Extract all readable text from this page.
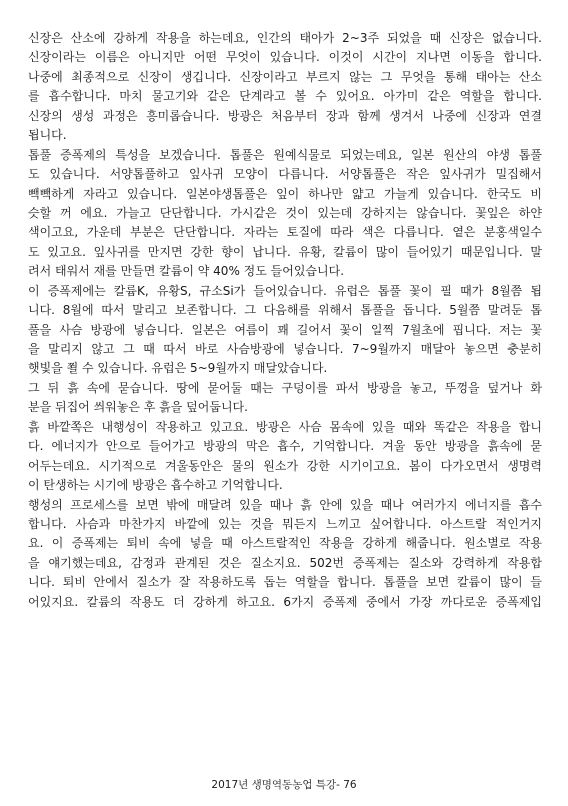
신장은 산소에 강하게 작용을 하는데요, 인간의 태아가 2~3주 되었을 때 신장은 없습니다.
신장이라는 이름은 아니지만 어떤 무엇이 있습니다. 이것이 시간이 지나면 이동을 합니다.
나중에 최종적으로 신장이 생깁니다. 신장이라고 부르지 않는 그 무엇을 통해 태아는 산소
를 흡수합니다. 마치 물고기와 같은 단계라고 볼 수 있어요. 아가미 같은 역할을 합니다.
신장의 생성 과정은 흥미롭습니다. 방광은 처음부터 장과 함께 생겨서 나중에 신장과 연결
됩니다.
톱풀 증폭제의 특성을 보겠습니다. 톱풀은 원예식물로 되었는데요, 일본 원산의 야생 톱풀
도 있습니다. 서양톱풀하고 잎사귀 모양이 다릅니다. 서양톱풀은 작은 잎사귀가 밀집해서
빽빽하게 자라고 있습니다. 일본야생톱풀은 잎이 하나만 얇고 가늘게 있습니다. 한국도 비
슷할 꺼 에요. 가늘고 단단합니다. 가시같은 것이 있는데 강하지는 않습니다. 꽃잎은 하얀
색이고요, 가운데 부분은 단단합니다. 자라는 토질에 따라 색은 다릅니다. 옅은 분홍색일수
도 있고요. 잎사귀를 만지면 강한 향이 납니다. 유황, 칼륨이 많이 들어있기 때문입니다. 말
려서 태워서 재를 만들면 칼륨이 약 40% 정도 들어있습니다.
이 증폭제에는 칼륨K, 유황S, 규소Si가 들어있습니다. 유럽은 톱풀 꽃이 필 때가 8월쯤 됩
니다. 8월에 따서 말리고 보존합니다. 그 다음해를 위해서 톱풀을 돕니다. 5월쯤 말려둔 톱
풀을 사슴 방광에 넣습니다. 일본은 여름이 꽤 길어서 꽃이 일찍 7월초에 핍니다. 저는 꽃
을 말리지 않고 그 때 따서 바로 사슴방광에 넣습니다. 7~9월까지 매달아 놓으면 충분히
햇빛을 쬘 수 있습니다. 유럽은 5~9월까지 매달았습니다.
그 뒤 흙 속에 묻습니다. 땅에 묻어둘 때는 구덩이를 파서 방광을 놓고, 뚜껑을 덮거나 화
분을 뒤집어 씌워놓은 후 흙을 덮어둡니다.
흙 바깥쪽은 내행성이 작용하고 있고요. 방광은 사슴 몸속에 있을 때와 똑같은 작용을 합니
다. 에너지가 안으로 들어가고 방광의 막은 흡수, 기억합니다. 겨울 동안 방광을 흙속에 묻
어두는데요. 시기적으로 겨울동안은 물의 원소가 강한 시기이고요. 봄이 다가오면서 생명력
이 탄생하는 시기에 방광은 흡수하고 기억합니다.
행성의 프로세스를 보면 밖에 매달려 있을 때나 흙 안에 있을 때나 여러가지 에너지를 흡수
합니다. 사슴과 마찬가지 바깥에 있는 것을 뭐든지 느끼고 싶어합니다. 아스트랄 적인거지
요. 이 증폭제는 퇴비 속에 넣을 때 아스트랄적인 작용을 강하게 해줍니다. 원소별로 작용
을 얘기했는데요, 감정과 관계된 것은 질소지요. 502번 증폭제는 질소와 강력하게 작용합
니다. 퇴비 안에서 질소가 잘 작용하도록 돕는 역할을 합니다. 톱풀을 보면 칼륨이 많이 들
어있지요. 칼륨의 작용도 더 강하게 하고요. 6가지 증폭제 중에서 가장 까다로운 증폭제입
2017년 생명역동농업 특강- 76
